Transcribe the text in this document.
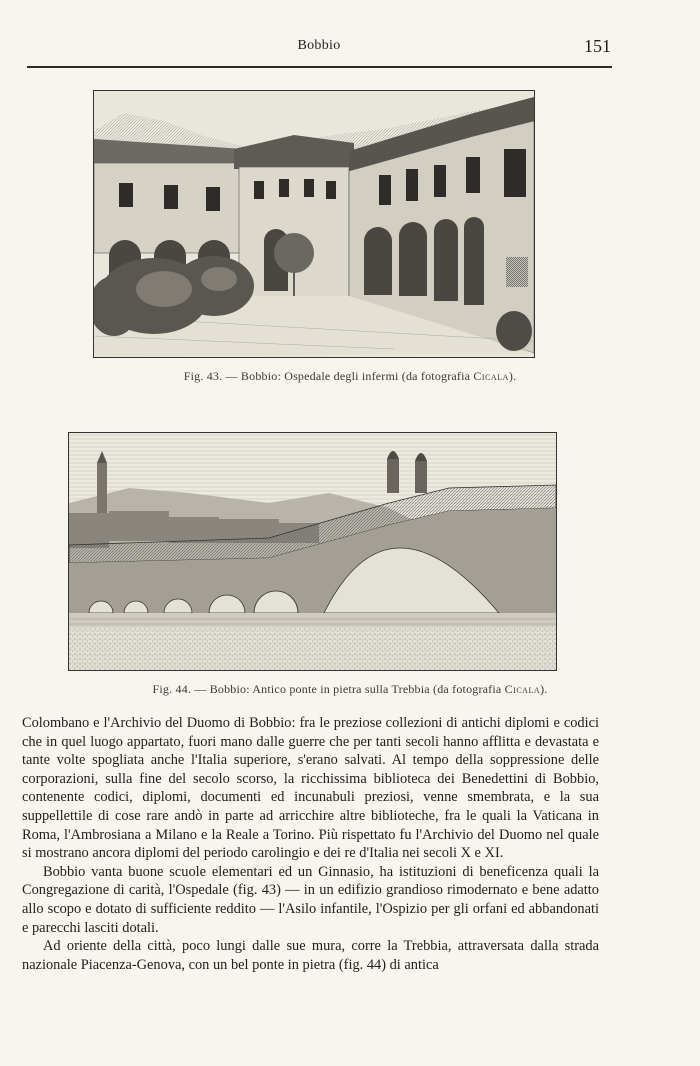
Bobbio	151
Fig. 43. — Bobbio: Ospedale degli infermi (da fotografia Cicala).
Fig. 44. — Bobbio: Antico ponte in pietra sulla Trebbia (da fotografia Cicala).

Colombano e l'Archivio del Duomo di Bobbio: fra le preziose collezioni di antichi diplomi e codici che in quel luogo appartato, fuori mano dalle guerre che per tanti secoli hanno afflitta e devastata e tante volte spogliata anche l'Italia superiore, s'erano salvati. Al tempo della soppressione delle corporazioni, sulla fine del secolo scorso, la ricchissima biblioteca dei Benedettini di Bobbio, contenente codici, diplomi, documenti ed incunabuli preziosi, venne smembrata, e la sua suppellettile di cose rare andò in parte ad arricchire altre biblioteche, fra le quali la Vaticana in Roma, l'Ambrosiana a Milano e la Reale a Torino. Più rispettato fu l'Archivio del Duomo nel quale si mostrano ancora diplomi del periodo carolingio e dei re d'Italia nei secoli X e XI.

Bobbio vanta buone scuole elementari ed un Ginnasio, ha istituzioni di beneficenza quali la Congregazione di carità, l'Ospedale (fig. 43) — in un edifizio grandioso rimodernato e bene adatto allo scopo e dotato di sufficiente reddito — l'Asilo infantile, l'Ospizio per gli orfani ed abbandonati e parecchi lasciti dotali.

Ad oriente della città, poco lungi dalle sue mura, corre la Trebbia, attraversata dalla strada nazionale Piacenza-Genova, con un bel ponte in pietra (fig. 44) di antica
